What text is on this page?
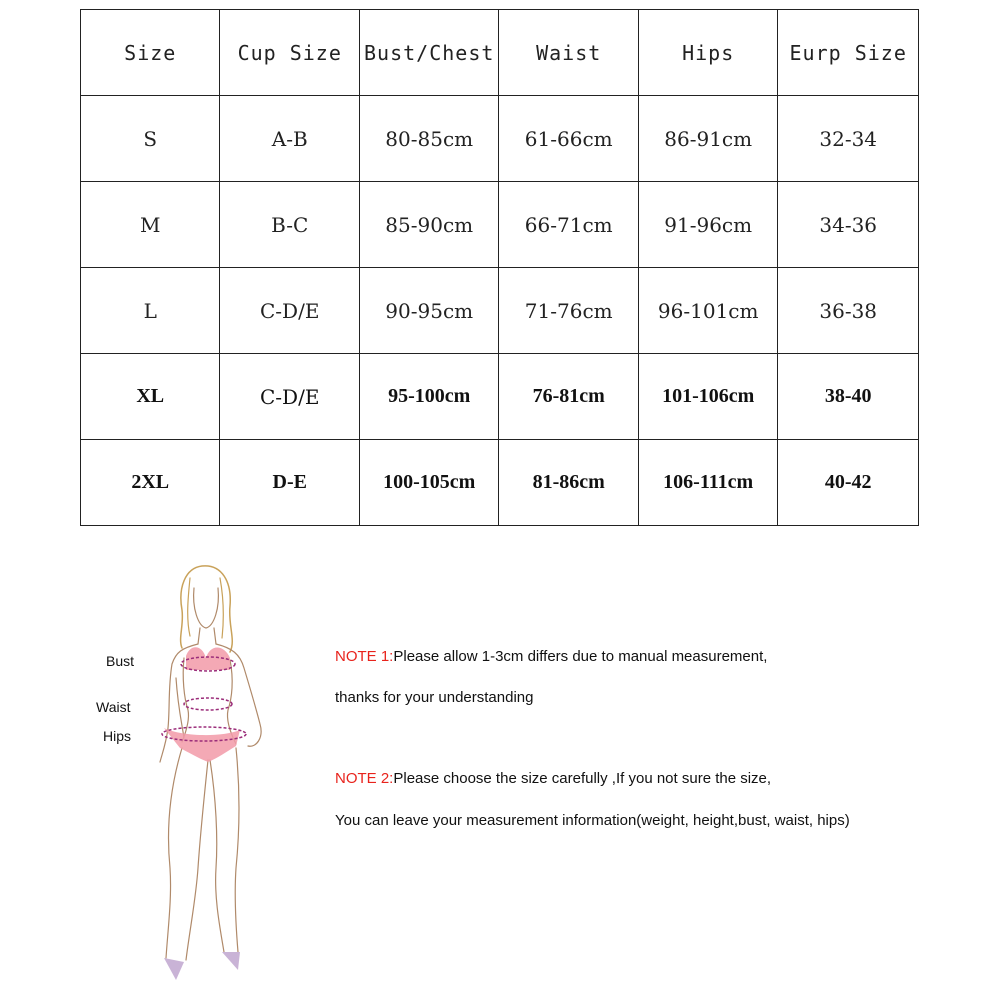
Size	Cup Size	Bust/Chest	Waist	Hips	Eurp Size
S	A-B	80-85cm	61-66cm	86-91cm	32-34
M	B-C	85-90cm	66-71cm	91-96cm	34-36
L	C-D/E	90-95cm	71-76cm	96-101cm	36-38
XL	C-D/E	95-100cm	76-81cm	101-106cm	38-40
2XL	D-E	100-105cm	81-86cm	106-111cm	40-42
Bust
Waist
Hips
NOTE 1:Please allow 1-3cm differs due to manual measurement,
thanks for your understanding
NOTE 2:Please choose the size carefully ,If you not sure the size,
You can leave your measurement information(weight, height,bust, waist, hips)
